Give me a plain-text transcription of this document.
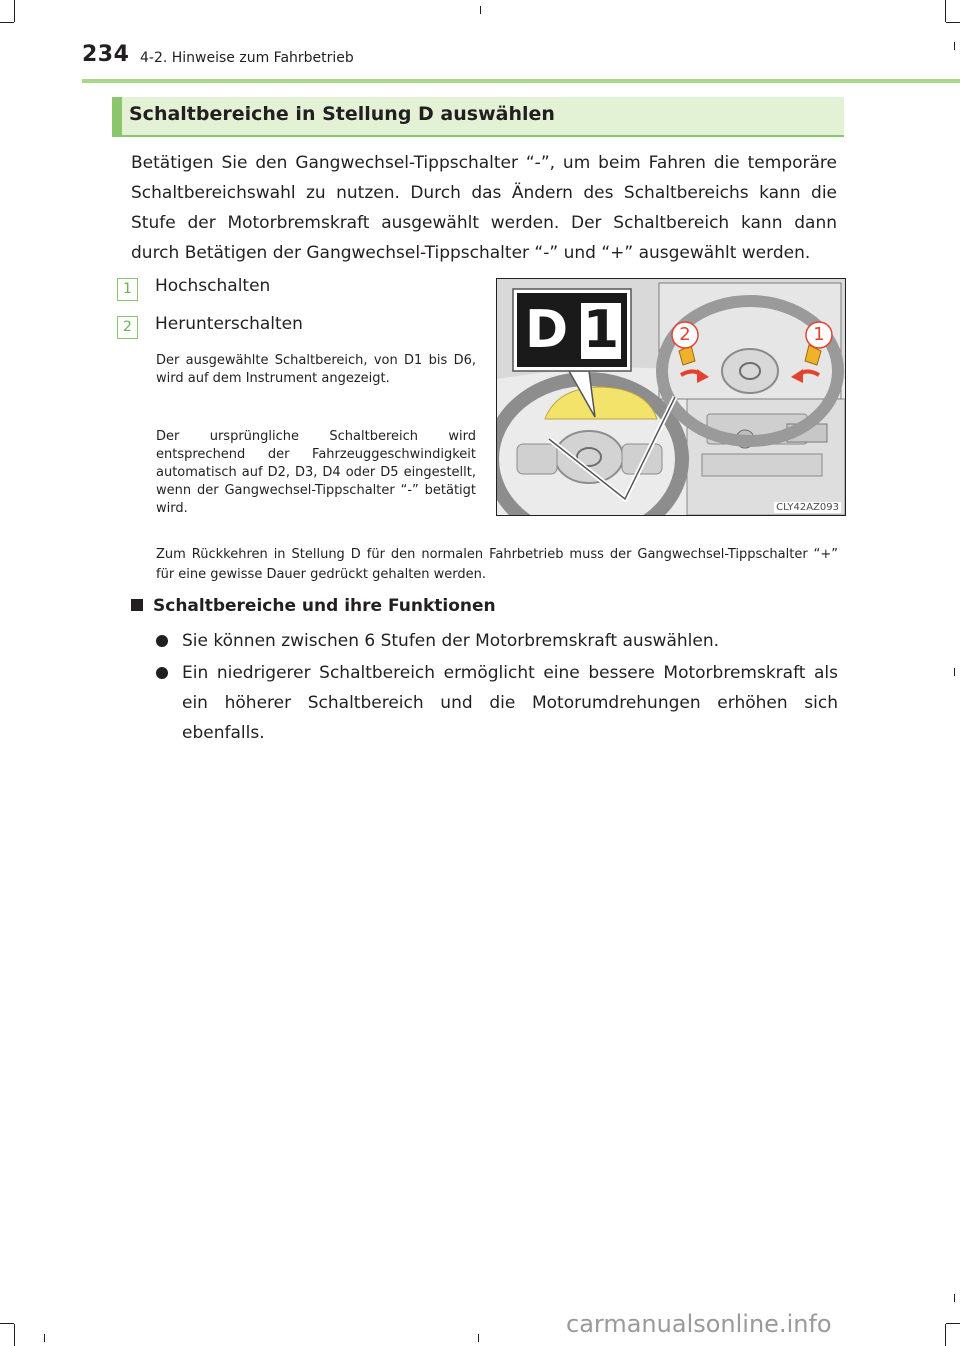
234 4-2. Hinweise zum Fahrbetrieb
Schaltbereiche in Stellung D auswählen
Betätigen Sie den Gangwechsel-Tippschalter “-”, um beim Fahren die temporäre Schaltbereichswahl zu nutzen. Durch das Ändern des Schaltbereichs kann die Stufe der Motorbremskraft ausgewählt werden. Der Schaltbereich kann dann durch Betätigen der Gangwechsel-Tippschalter “-” und “+” ausgewählt werden.
1	Hochschalten
2	Herunterschalten
Der ausgewählte Schaltbereich, von D1 bis D6, wird auf dem Instrument angezeigt.
Der ursprüngliche Schaltbereich wird entsprechend der Fahrzeuggeschwindigkeit automatisch auf D2, D3, D4 oder D5 eingestellt, wenn der Gangwechsel-Tippschalter “-” betätigt wird.
Zum Rückkehren in Stellung D für den normalen Fahrbetrieb muss der Gangwechsel-Tippschalter “+” für eine gewisse Dauer gedrückt gehalten werden.
D 1	2	1
CLY42AZ093
Schaltbereiche und ihre Funktionen
Sie können zwischen 6 Stufen der Motorbremskraft auswählen.
Ein niedrigerer Schaltbereich ermöglicht eine bessere Motorbremskraft als ein höherer Schaltbereich und die Motorumdrehungen erhöhen sich ebenfalls.
carmanualsonline.info
